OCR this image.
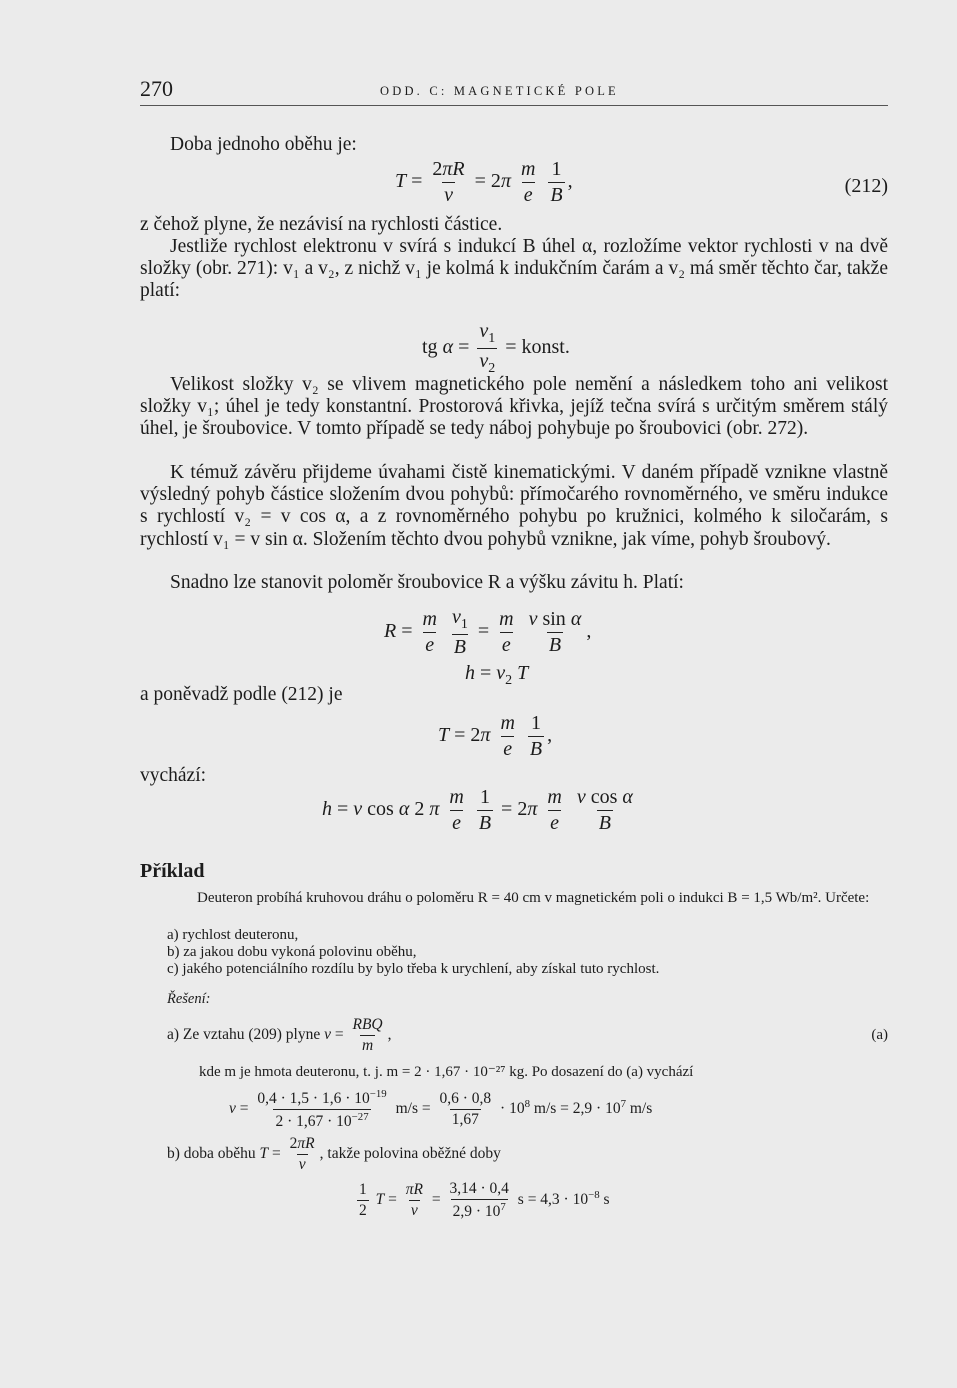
270	ODD. C: MAGNETICKÉ POLE
Doba jednoho oběhu je:
$T = \frac{2\pi R}{v} = 2\pi \frac{m}{e}$
$\frac{1}{B}$ ,	(212)
z čehož plyne, že nezávisí na rychlosti částice.
Jestliže rychlost elektronu v svírá s indukcí B úhel α, rozložíme vektor rychlosti v na dvě složky (obr. 271): v₁ a v₂, z nichž v₁ je kolmá k indukčním čarám a v₂ má směr těchto čar, takže platí:
tg $\alpha = \frac{v_1}{v_2}$ = konst.
Velikost složky v₂ se vlivem magnetického pole nemění a následkem toho ani velikost složky v₁; úhel je tedy konstantní. Prostorová křivka, jejíž tečna svírá s určitým směrem stálý úhel, je šroubovice. V tomto případě se tedy náboj pohybuje po šroubovici (obr. 272).
K témuž závěru přijdeme úvahami čistě kinematickými. V daném případě vznikne vlastně výsledný pohyb částice složením dvou pohybů: přímočarého rovnoměrného, ve směru indukce s rychlostí v₂ = v cos α, a z rovnoměrného pohybu po kružnici, kolmého k siločarám, s rychlostí v₁ = v sin α. Složením těchto dvou pohybů vznikne, jak víme, pohyb šroubový.
Snadno lze stanovit poloměr šroubovice R a výšku závitu h. Platí:
$R = \frac{m}{e}$
$\frac{v_1}{B} = \frac{m}{e}$
$\frac{\text{v sin α}}{B}$ ,
$h = v_2$ T
a poněvadž podle (212) je
$T = 2\pi \frac{m}{e}$
$\frac{1}{B}$ ,
vychází:
h = v cos α 2 π $\frac{m}{e}$
$\frac{1}{B} = 2\pi \frac{m}{e}$
$\frac{\text{v cos α}}{B}$
Příklad
Deuteron probíhá kruhovou dráhu o poloměru R = 40 cm v magnetickém poli o indukci B = 1,5 Wb/m². Určete:
a) rychlost deuteronu,
b) za jakou dobu vykoná polovinu oběhu,
c) jakého potenciálního rozdílu by bylo třeba k urychlení, aby získal tuto rychlost.
Řešení:
a) Ze vztahu (209) plyne $v = \frac{\text{RBQ}}{m}$ ,	(a)
kde m je hmota deuteronu, t. j. m = 2 · 1,67 · 10⁻²⁷ kg. Po dosazení do (a) vychází
$v = \frac{0,4 \cdot 1,5 \cdot 1,6 \cdot 10^{-19}}{2 \cdot 1,67 \cdot 10^{-27}} m/s = \frac{0,6 \cdot 0,8}{1,67} \cdot 10^8$ $m/s = 2,9 \cdot 10^7$ m/s
b) doba oběhu $T = \frac{2\pi R}{v}$ , takže polovina oběžné doby
$\frac{1}{2}$ $T = \frac{\pi R}{v} = \frac{3,14 \cdot 0,4}{2,9 \cdot 10^7}$ $s = 4,3 \cdot 10^{-8}$ s
